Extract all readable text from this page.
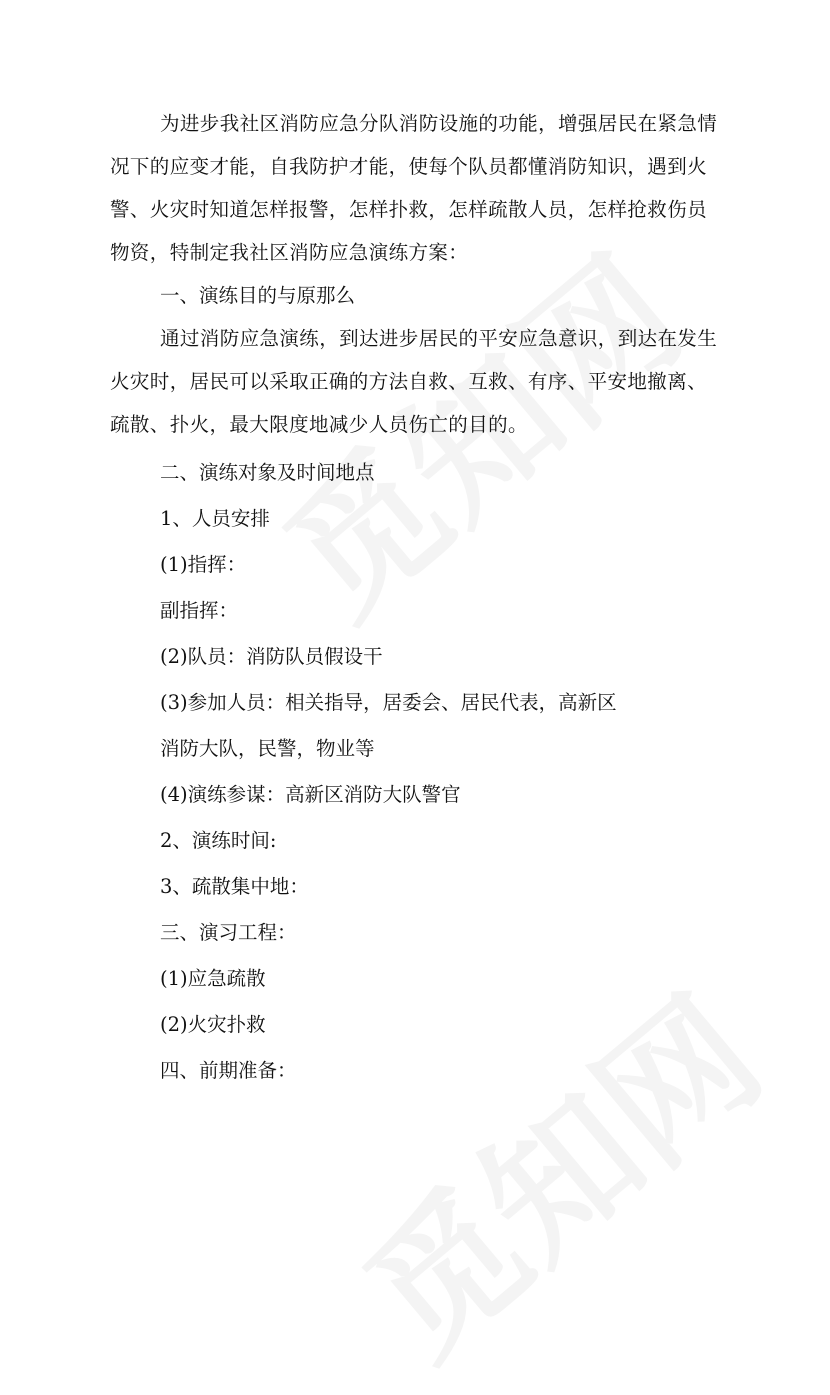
为进步我社区消防应急分队消防设施的功能，增强居民在紧急情
况下的应变才能，自我防护才能，使每个队员都懂消防知识，遇到火
警、火灾时知道怎样报警，怎样扑救，怎样疏散人员，怎样抢救伤员
物资，特制定我社区消防应急演练方案：
一、演练目的与原那么
通过消防应急演练，到达进步居民的平安应急意识，到达在发生
火灾时，居民可以采取正确的方法自救、互救、有序、平安地撤离、
疏散、扑火，最大限度地减少人员伤亡的目的。
二、演练对象及时间地点
1、人员安排
(1)指挥：
副指挥：
(2)队员：消防队员假设干
(3)参加人员：相关指导，居委会、居民代表，高新区
消防大队，民警，物业等
(4)演练参谋：高新区消防大队警官
2、演练时间:
3、疏散集中地：
三、演习工程：
(1)应急疏散
(2)火灾扑救
四、前期准备：
